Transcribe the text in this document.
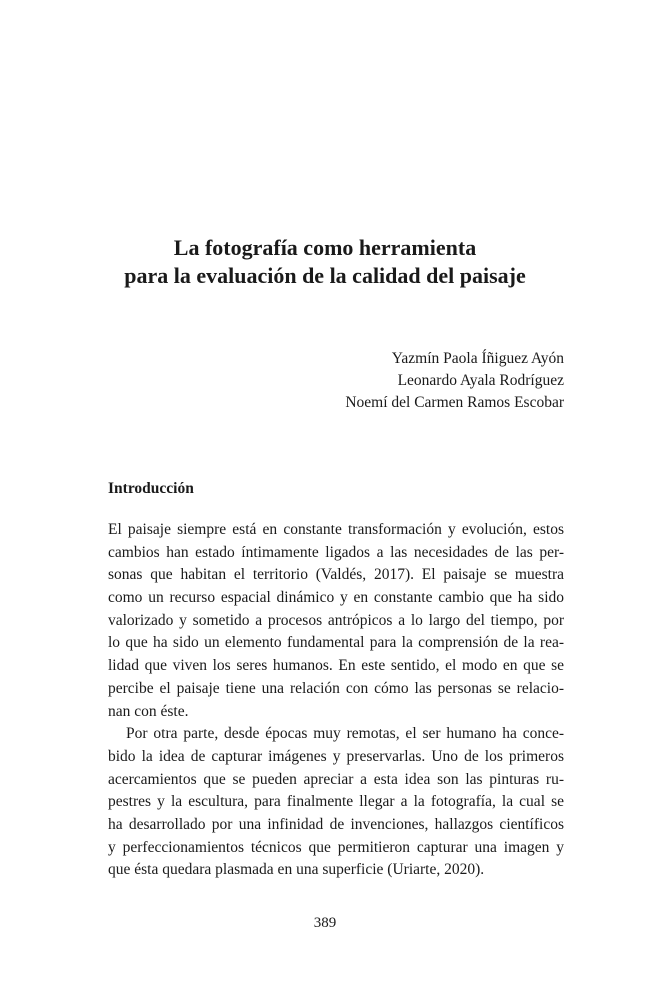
La fotografía como herramienta
para la evaluación de la calidad del paisaje
Yazmín Paola Íñiguez Ayón
Leonardo Ayala Rodríguez
Noemí del Carmen Ramos Escobar
Introducción

El paisaje siempre está en constante transformación y evolución, estos
cambios han estado íntimamente ligados a las necesidades de las per-
sonas que habitan el territorio (Valdés, 2017). El paisaje se muestra
como un recurso espacial dinámico y en constante cambio que ha sido
valorizado y sometido a procesos antrópicos a lo largo del tiempo, por
lo que ha sido un elemento fundamental para la comprensión de la rea-
lidad que viven los seres humanos. En este sentido, el modo en que se
percibe el paisaje tiene una relación con cómo las personas se relacio-
nan con éste.

Por otra parte, desde épocas muy remotas, el ser humano ha conce-
bido la idea de capturar imágenes y preservarlas. Uno de los primeros
acercamientos que se pueden apreciar a esta idea son las pinturas ru-
pestres y la escultura, para finalmente llegar a la fotografía, la cual se
ha desarrollado por una infinidad de invenciones, hallazgos científicos
y perfeccionamientos técnicos que permitieron capturar una imagen y
que ésta quedara plasmada en una superficie (Uriarte, 2020).

389
